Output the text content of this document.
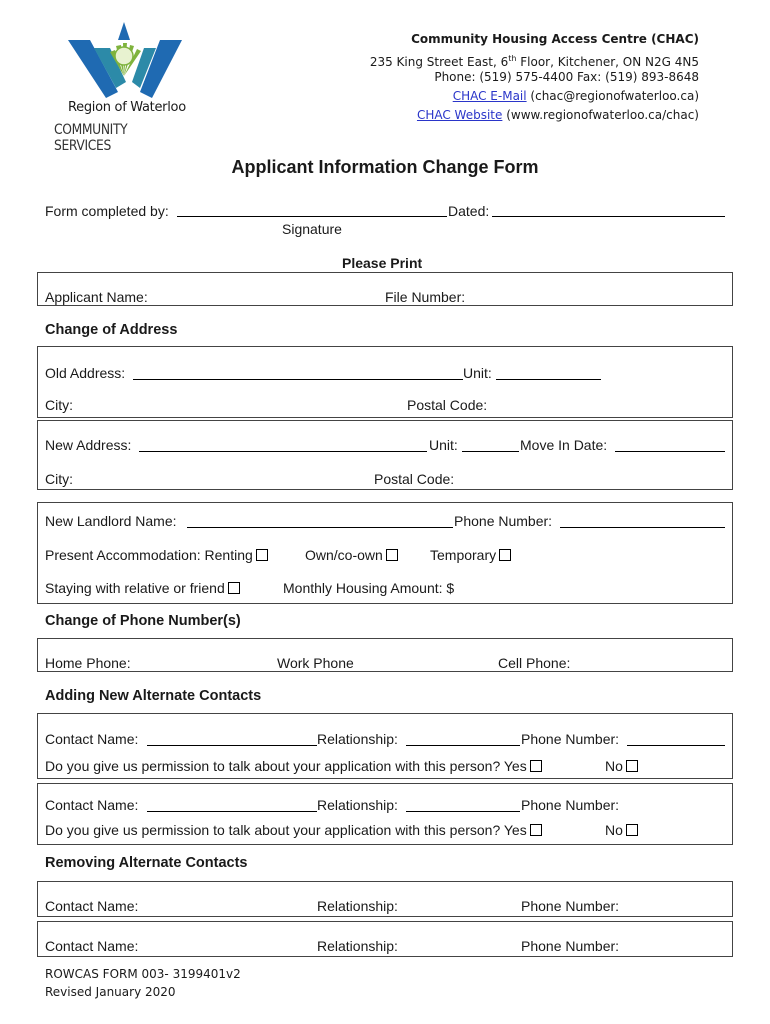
Region of Waterloo
COMMUNITY SERVICES
Community Housing Access Centre (CHAC)
235 King Street East, 6th Floor, Kitchener, ON N2G 4N5
Phone: (519) 575-4400 Fax: (519) 893-8648
CHAC E-Mail (chac@regionofwaterloo.ca)
CHAC Website (www.regionofwaterloo.ca/chac)
Applicant Information Change Form
Form completed by:	Dated:
Signature
Please Print
Applicant Name:	File Number:
Change of Address
Old Address:	Unit:
City:	Postal Code:
New Address:	Unit:	Move In Date:
City:	Postal Code:
New Landlord Name:	Phone Number:
Present Accommodation: Renting	Own/co-own	Temporary
Staying with relative or friend	Monthly Housing Amount: $
Change of Phone Number(s)
Home Phone:	Work Phone	Cell Phone:
Adding New Alternate Contacts
Contact Name:	Relationship:	Phone Number:
Do you give us permission to talk about your application with this person? Yes	No
Contact Name:	Relationship:	Phone Number:
Do you give us permission to talk about your application with this person? Yes	No
Removing Alternate Contacts
Contact Name:	Relationship:	Phone Number:
Contact Name:	Relationship:	Phone Number:
ROWCAS FORM 003- 3199401v2
Revised January 2020
